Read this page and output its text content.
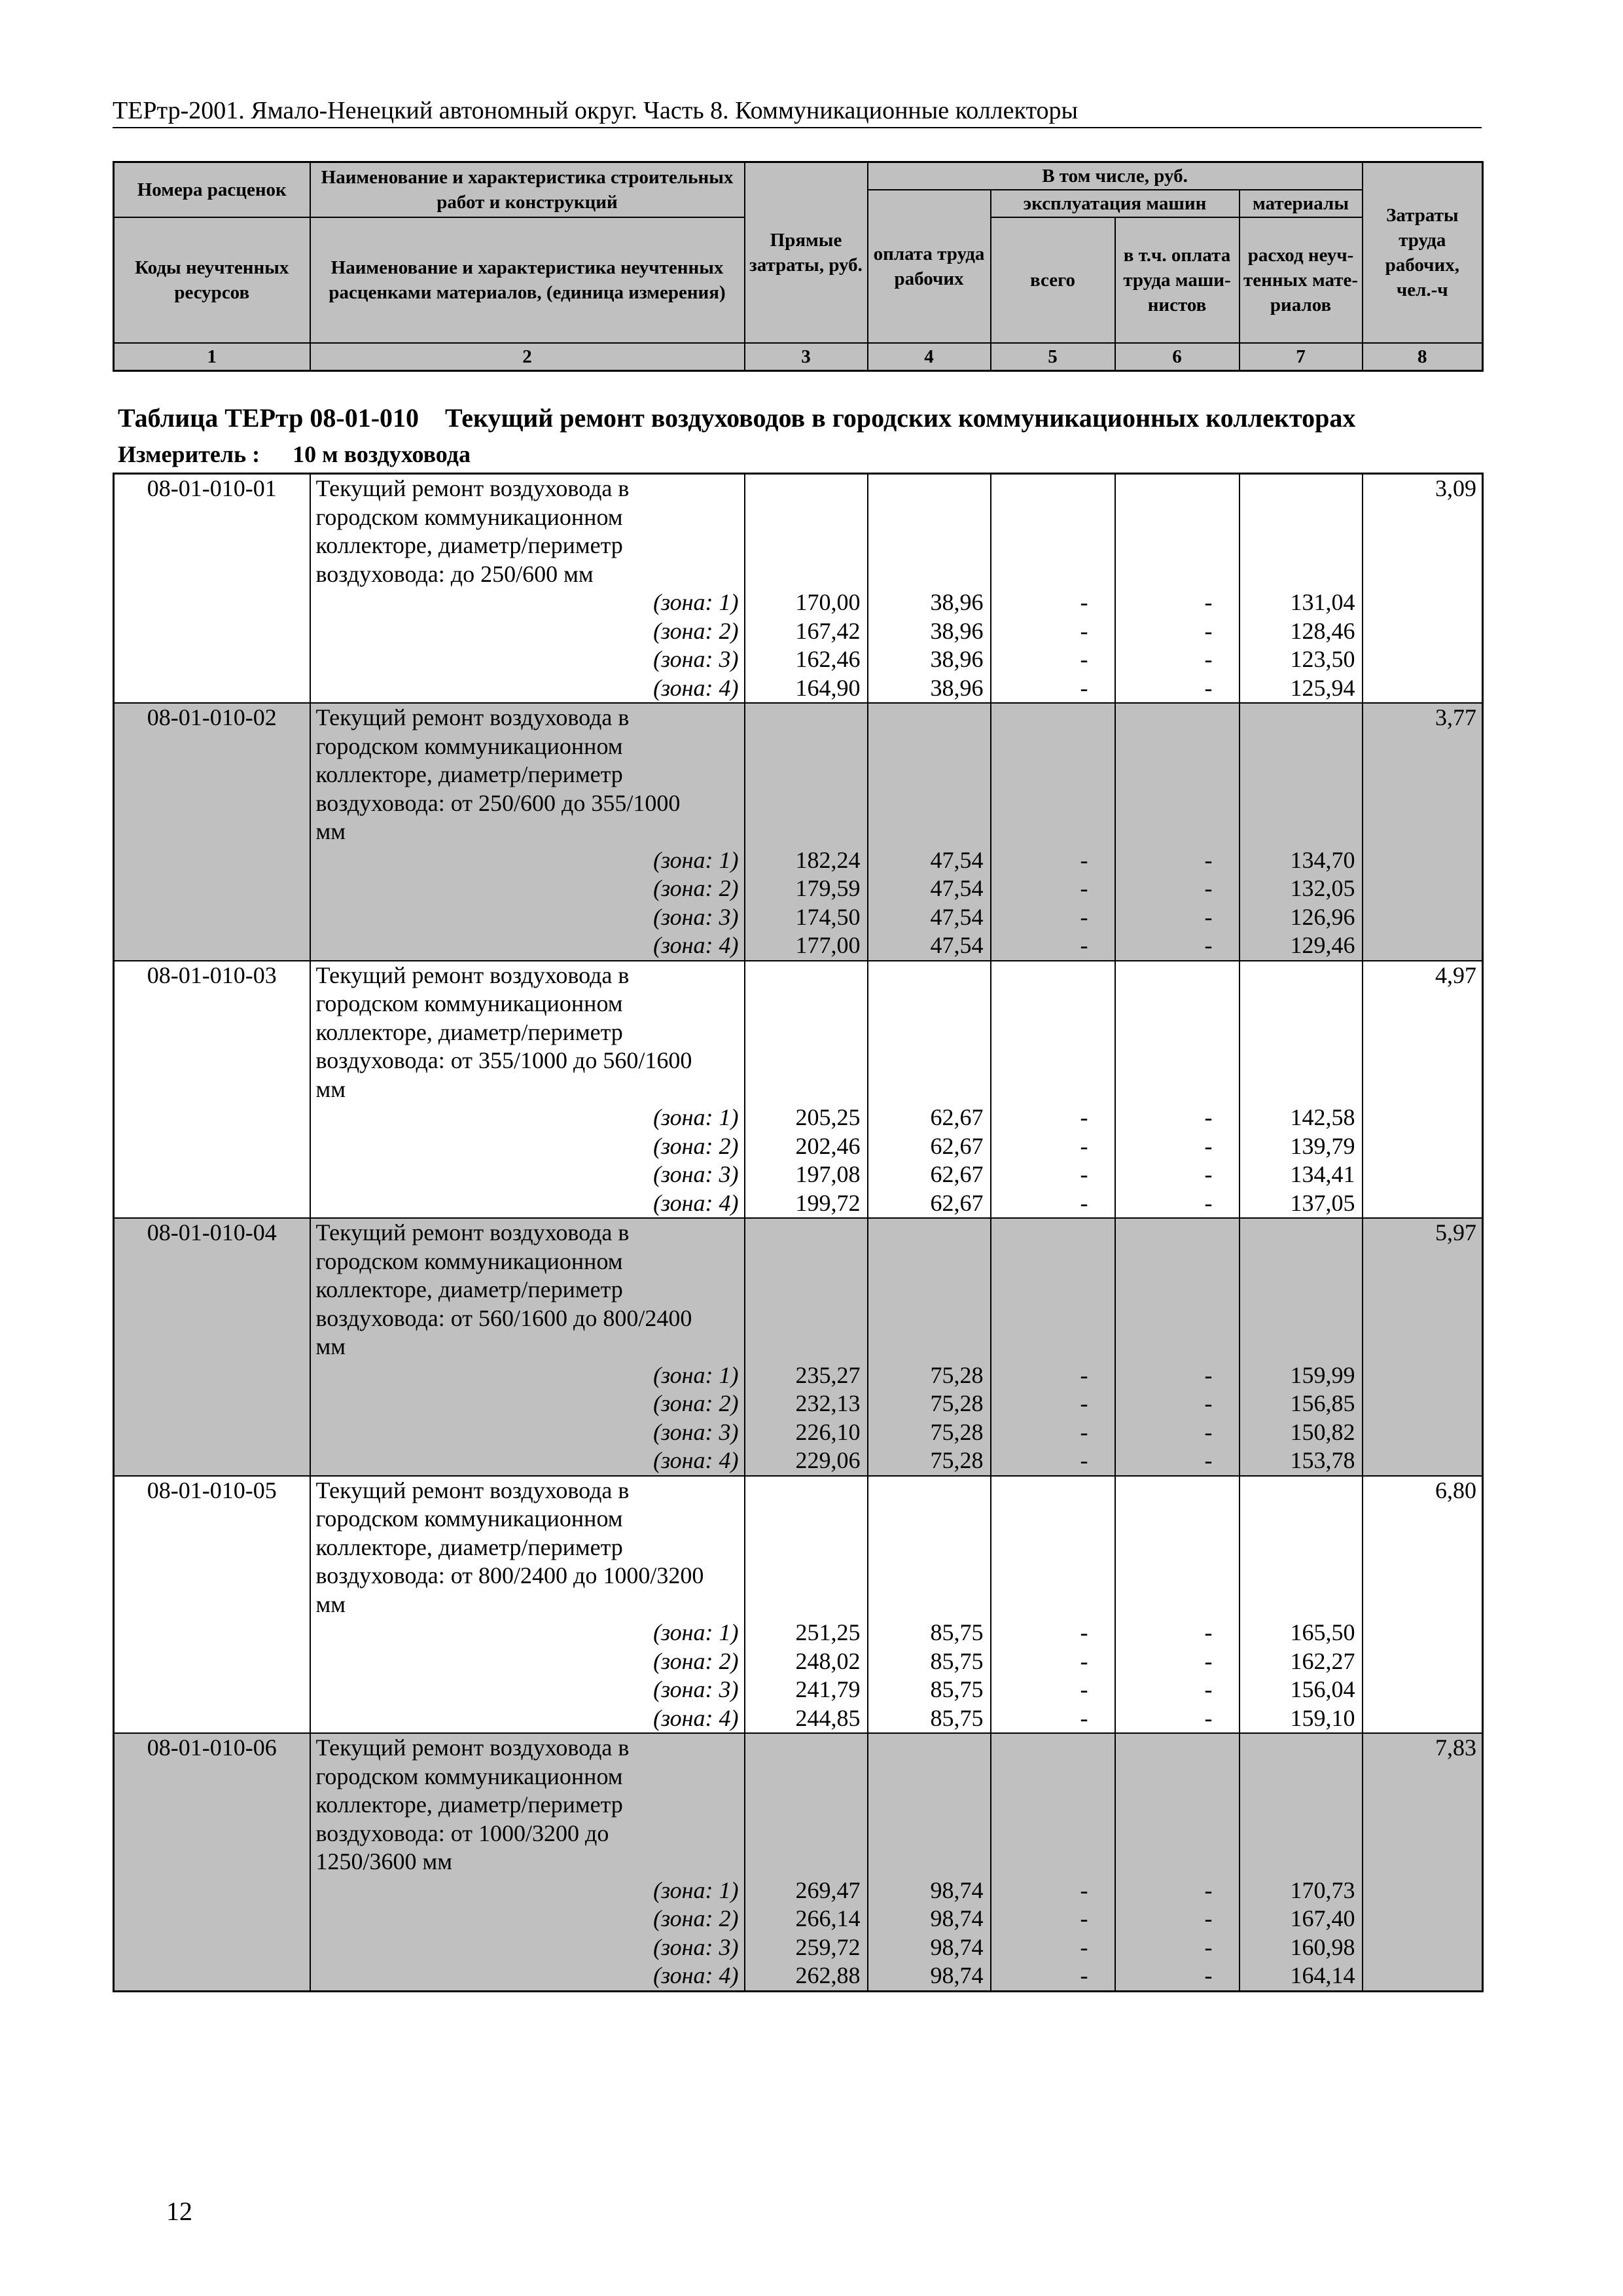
ТЕРтр-2001. Ямало-Ненецкий автономный округ. Часть 8. Коммуникационные коллекторы
Номера расценок	Наименование и характеристика строительных работ и конструкций	Прямые затраты, руб.	В том числе, руб.				Затраты труда рабочих, чел.-ч
			оплата труда рабочих	эксплуатация машин		материалы	
Коды неучтенных ресурсов	Наименование и характеристика неучтенных расценками материалов, (единица измерения)			всего	в т.ч. оплата труда маши-нистов	расход неуч-тенных мате-риалов	
1	2	3	4	5	6	7	8
Таблица ТЕРтр 08-01-010 Текущий ремонт воздуховодов в городских коммуникационных коллекторах
Измеритель : 10 м воздуховода
08-01-010-01	Текущий ремонт воздуховода в
городском коммуникационном
коллекторе, диаметр/периметр
воздуховода: до 250/600 мм						3,09
	(зона: 1)	170,00	38,96	-	-	131,04	
	(зона: 2)	167,42	38,96	-	-	128,46	
	(зона: 3)	162,46	38,96	-	-	123,50	
	(зона: 4)	164,90	38,96	-	-	125,94	
08-01-010-02	Текущий ремонт воздуховода в
городском коммуникационном
коллекторе, диаметр/периметр
воздуховода: от 250/600 до 355/1000
мм						3,77
	(зона: 1)	182,24	47,54	-	-	134,70	
	(зона: 2)	179,59	47,54	-	-	132,05	
	(зона: 3)	174,50	47,54	-	-	126,96	
	(зона: 4)	177,00	47,54	-	-	129,46	
08-01-010-03	Текущий ремонт воздуховода в
городском коммуникационном
коллекторе, диаметр/периметр
воздуховода: от 355/1000 до 560/1600
мм						4,97
	(зона: 1)	205,25	62,67	-	-	142,58	
	(зона: 2)	202,46	62,67	-	-	139,79	
	(зона: 3)	197,08	62,67	-	-	134,41	
	(зона: 4)	199,72	62,67	-	-	137,05	
08-01-010-04	Текущий ремонт воздуховода в
городском коммуникационном
коллекторе, диаметр/периметр
воздуховода: от 560/1600 до 800/2400
мм						5,97
	(зона: 1)	235,27	75,28	-	-	159,99	
	(зона: 2)	232,13	75,28	-	-	156,85	
	(зона: 3)	226,10	75,28	-	-	150,82	
	(зона: 4)	229,06	75,28	-	-	153,78	
08-01-010-05	Текущий ремонт воздуховода в
городском коммуникационном
коллекторе, диаметр/периметр
воздуховода: от 800/2400 до 1000/3200
мм						6,80
	(зона: 1)	251,25	85,75	-	-	165,50	
	(зона: 2)	248,02	85,75	-	-	162,27	
	(зона: 3)	241,79	85,75	-	-	156,04	
	(зона: 4)	244,85	85,75	-	-	159,10	
08-01-010-06	Текущий ремонт воздуховода в
городском коммуникационном
коллекторе, диаметр/периметр
воздуховода: от 1000/3200 до
1250/3600 мм						7,83
	(зона: 1)	269,47	98,74	-	-	170,73	
	(зона: 2)	266,14	98,74	-	-	167,40	
	(зона: 3)	259,72	98,74	-	-	160,98	
	(зона: 4)	262,88	98,74	-	-	164,14	
12
